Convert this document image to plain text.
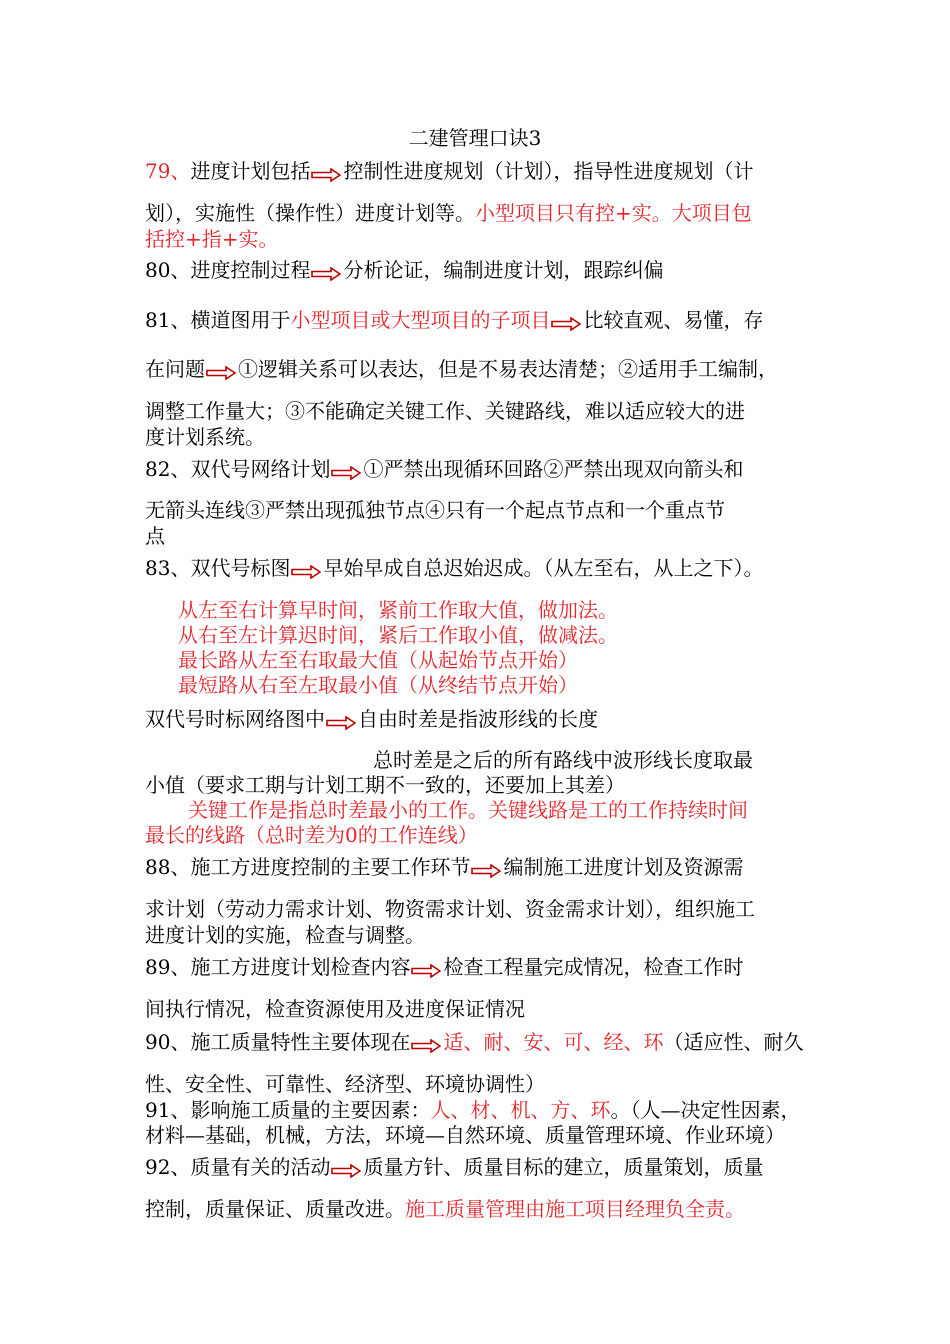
二建管理口诀3
79、进度计划包括 控制性进度规划（计划），指导性进度规划（计
划），实施性（操作性）进度计划等。小型项目只有控+实。大项目包
括控+指+实。
80、进度控制过程 分析论证，编制进度计划，跟踪纠偏
81、横道图用于小型项目或大型项目的子项目 比较直观、易懂，存
在问题 ①逻辑关系可以表达，但是不易表达清楚；②适用手工编制，
调整工作量大；③不能确定关键工作、关键路线，难以适应较大的进
度计划系统。
82、双代号网络计划 ①严禁出现循环回路②严禁出现双向箭头和
无箭头连线③严禁出现孤独节点④只有一个起点节点和一个重点节
点
83、双代号标图 早始早成自总迟始迟成。（从左至右，从上之下）。
从左至右计算早时间，紧前工作取大值，做加法。
从右至左计算迟时间，紧后工作取小值，做减法。
最长路从左至右取最大值（从起始节点开始）
最短路从右至左取最小值（从终结节点开始）
双代号时标网络图中 自由时差是指波形线的长度
总时差是之后的所有路线中波形线长度取最
小值（要求工期与计划工期不一致的，还要加上其差）
关键工作是指总时差最小的工作。关键线路是工的工作持续时间
最长的线路（总时差为0的工作连线）
88、施工方进度控制的主要工作环节 编制施工进度计划及资源需
求计划（劳动力需求计划、物资需求计划、资金需求计划），组织施工
进度计划的实施，检查与调整。
89、施工方进度计划检查内容 检查工程量完成情况，检查工作时
间执行情况，检查资源使用及进度保证情况
90、施工质量特性主要体现在 适、耐、安、可、经、环（适应性、耐久
性、安全性、可靠性、经济型、环境协调性）
91、影响施工质量的主要因素：人、材、机、方、环。（人—决定性因素，
材料—基础，机械，方法，环境—自然环境、质量管理环境、作业环境）
92、质量有关的活动 质量方针、质量目标的建立，质量策划，质量
控制，质量保证、质量改进。施工质量管理由施工项目经理负全责。
